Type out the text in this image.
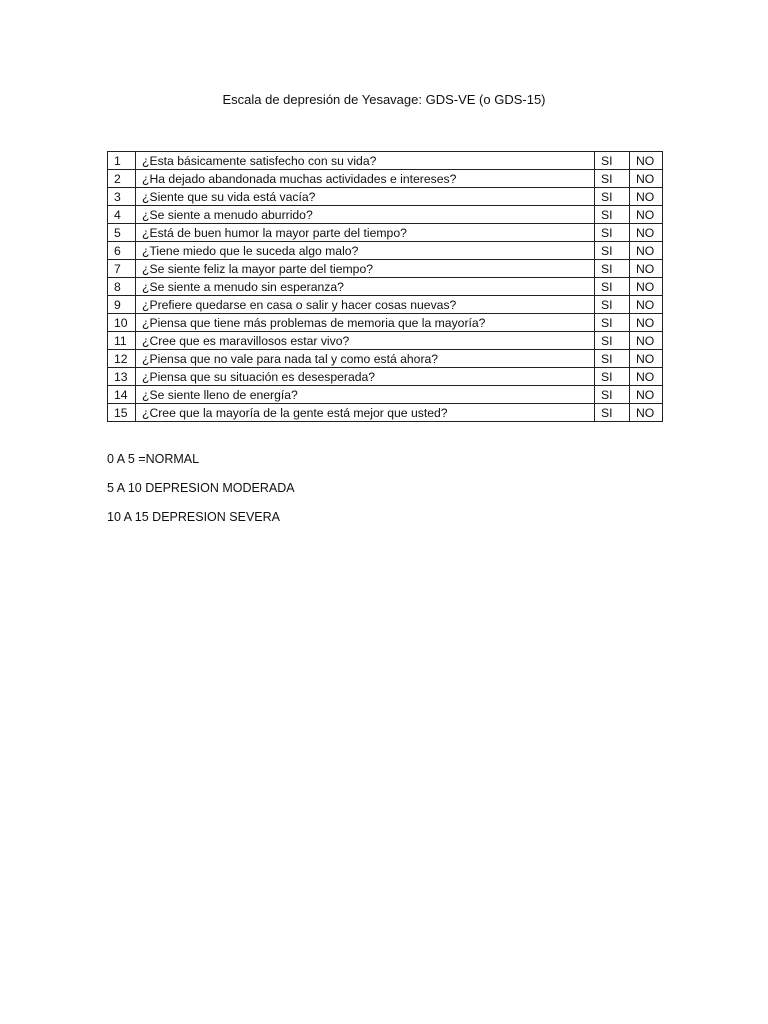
Escala de depresión de Yesavage: GDS-VE (o GDS-15)
1	¿Esta básicamente satisfecho con su vida?	SI	NO
2	¿Ha dejado abandonada muchas actividades e intereses?	SI	NO
3	¿Siente que su vida está vacía?	SI	NO
4	¿Se siente a menudo aburrido?	SI	NO
5	¿Está de buen humor la mayor parte del tiempo?	SI	NO
6	¿Tiene miedo que le suceda algo malo?	SI	NO
7	¿Se siente feliz la mayor parte del tiempo?	SI	NO
8	¿Se siente a menudo sin esperanza?	SI	NO
9	¿Prefiere quedarse en casa o salir y hacer cosas nuevas?	SI	NO
10	¿Piensa que tiene más problemas de memoria que la mayoría?	SI	NO
11	¿Cree que es maravillosos estar vivo?	SI	NO
12	¿Piensa que no vale para nada tal y como está ahora?	SI	NO
13	¿Piensa que su situación es desesperada?	SI	NO
14	¿Se siente lleno de energía?	SI	NO
15	¿Cree que la mayoría de la gente está mejor que usted?	SI	NO
0 A 5 =NORMAL
5 A 10 DEPRESION MODERADA
10 A 15 DEPRESION SEVERA
